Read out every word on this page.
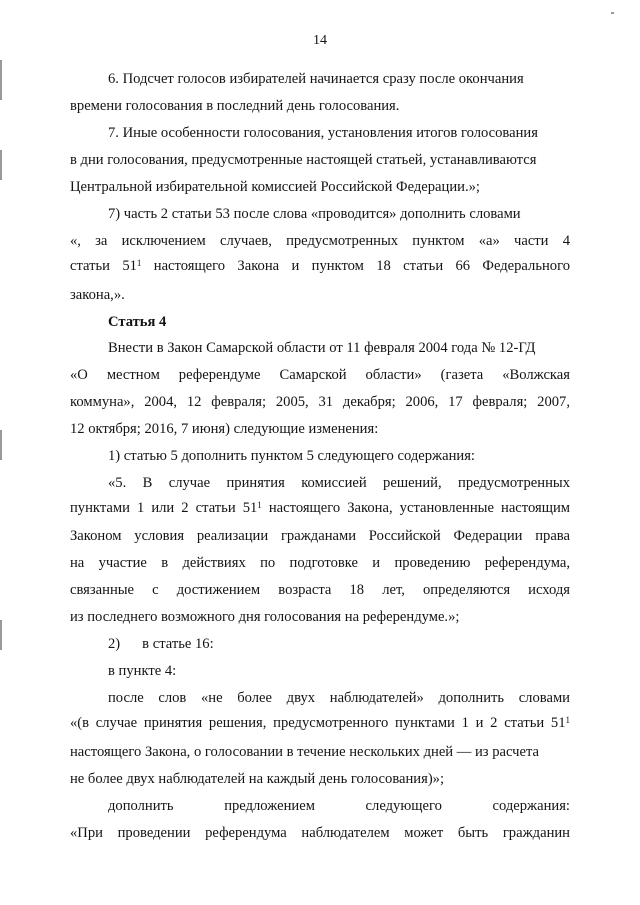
14
6. Подсчет голосов избирателей начинается сразу после окончания
времени голосования в последний день голосования.
7. Иные особенности голосования, установления итогов голосования
в дни голосования, предусмотренные настоящей статьей, устанавливаются
Центральной избирательной комиссией Российской Федерации.»;
7) часть 2 статьи 53 после слова «проводится» дополнить словами
«, за исключением случаев, предусмотренных пунктом «а» части 4
статьи $51^1$ настоящего Закона и пунктом 18 статьи 66 Федерального
закона,».
Статья 4
Внести в Закон Самарской области от 11 февраля 2004 года № 12-ГД
«О местном референдуме Самарской области» (газета «Волжская
коммуна», 2004, 12 февраля; 2005, 31 декабря; 2006, 17 февраля; 2007,
12 октября; 2016, 7 июня) следующие изменения:
1) статью 5 дополнить пунктом 5 следующего содержания:
«5. В случае принятия комиссией решений, предусмотренных
пунктами 1 или 2 статьи $51^1$ настоящего Закона, установленные настоящим
Законом условия реализации гражданами Российской Федерации права
на участие в действиях по подготовке и проведению референдума,
связанные с достижением возраста 18 лет, определяются исходя
из последнего возможного дня голосования на референдуме.»;
2) в статье 16:
в пункте 4:
после слов «не более двух наблюдателей» дополнить словами
«(в случае принятия решения, предусмотренного пунктами 1 и 2 статьи $51^1$
настоящего Закона, о голосовании в течение нескольких дней — из расчета
не более двух наблюдателей на каждый день голосования)»;
дополнить предложением следующего содержания:
«При проведении референдума наблюдателем может быть гражданин
